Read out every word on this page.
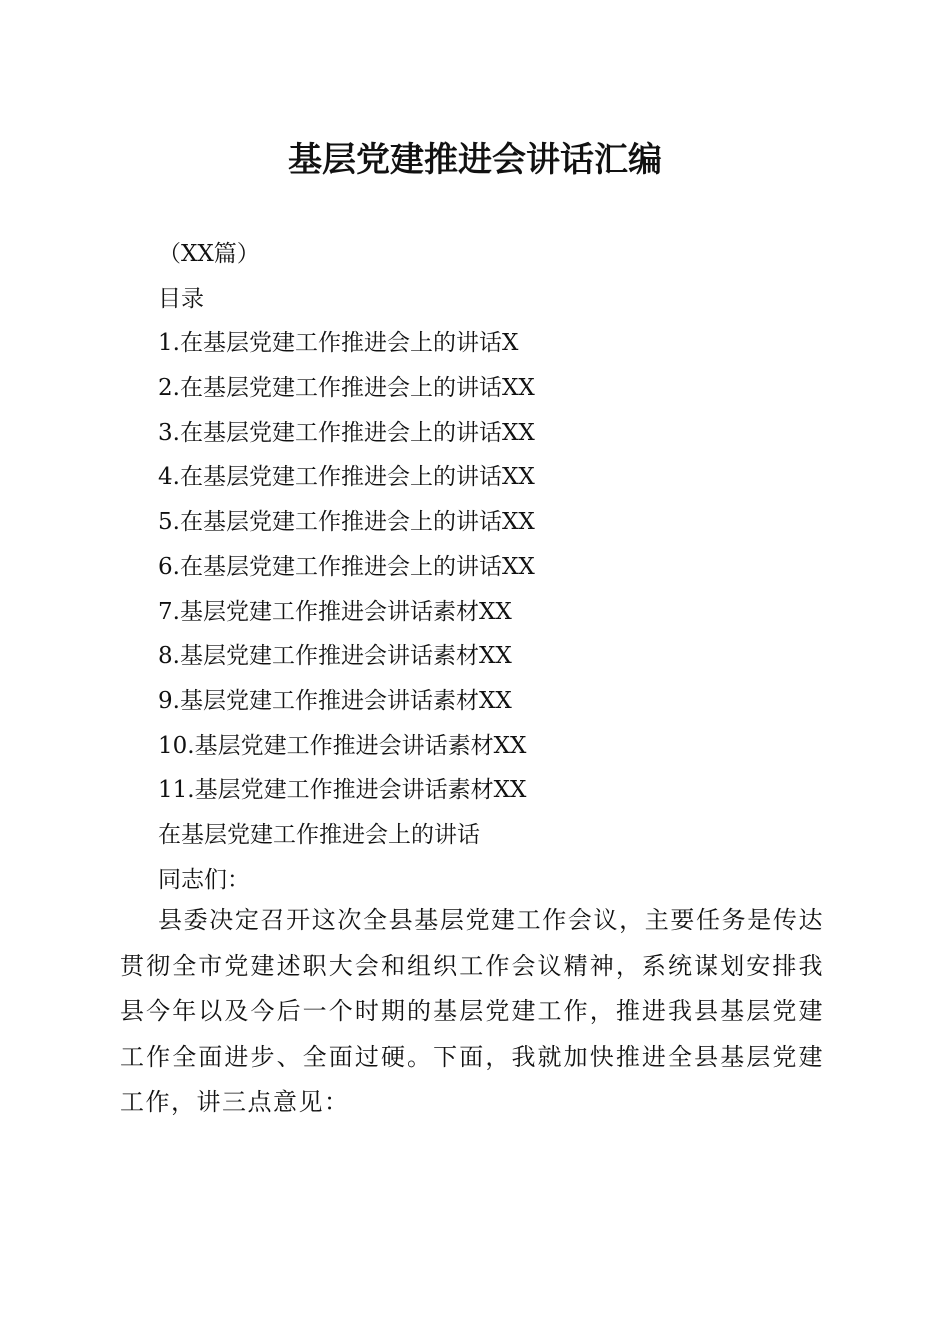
基层党建推进会讲话汇编
（XX篇）
目录
1.在基层党建工作推进会上的讲话X
2.在基层党建工作推进会上的讲话XX
3.在基层党建工作推进会上的讲话XX
4.在基层党建工作推进会上的讲话XX
5.在基层党建工作推进会上的讲话XX
6.在基层党建工作推进会上的讲话XX
7.基层党建工作推进会讲话素材XX
8.基层党建工作推进会讲话素材XX
9.基层党建工作推进会讲话素材XX
10.基层党建工作推进会讲话素材XX
11.基层党建工作推进会讲话素材XX
在基层党建工作推进会上的讲话
同志们：

县委决定召开这次全县基层党建工作会议，主要任务是传达贯彻全市党建述职大会和组织工作会议精神，系统谋划安排我县今年以及今后一个时期的基层党建工作，推进我县基层党建工作全面进步、全面过硬。下面，我就加快推进全县基层党建工作，讲三点意见：
